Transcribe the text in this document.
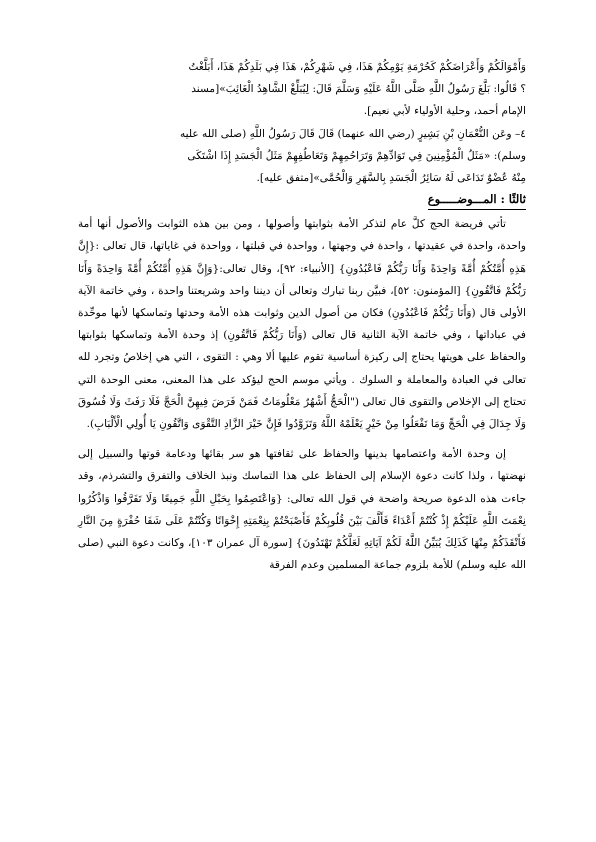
وَأَمْوَالَكُمْ وَأَعْرَاضَكُمْ كَحُرْمَةِ يَوْمِكُمْ هَذَا، فِي شَهْرِكُمْ، هَذَا فِي بَلَدِكُمْ هَذَا، أَبَلَّغْتُ

؟ قَالُوا: بَلَّغَ رَسُولُ اللَّهِ صَلَّى اللَّهُ عَلَيْهِ وَسَلَّمَ قَالَ: لِيُبَلِّغْ الشَّاهِدُ الْغَائِبَ»[مسند

الإمام أحمد، وحلية الأولياء لأبي نعيم].

٤– وعَن النُّعْمَانِ بْنِ بَشِيرٍ (رضي الله عنهما) قَالَ قَالَ رَسُولُ اللَّهِ (صلى الله عليه

وسلم): «مَثَلُ الْمُؤْمِنِينَ فِي تَوَادِّهِمْ وَتَرَاحُمِهِمْ وَتَعَاطُفِهِمْ مَثَلُ الْجَسَدِ إِذَا اشْتَكَى

مِنْهُ عُضْوٌ تَدَاعَى لَهُ سَائِرُ الْجَسَدِ بِالسَّهَرِ وَالْحُمَّى»[متفق عليه].

ثالثًا : المـــوضـــــوع

تأتي فريضة الحج كلَّ عام لتذكر الأمة بثوابتها وأصولها ، ومن بين هذه الثوابت والأصول أنها أمة واحدة، واحدة في عقيدتها ، واحدة في وجهتها ، وواحدة في قبلتها ، وواحدة في غاياتها، قال تعالى :{إِنَّ هَذِهِ أُمَّتُكُمْ أُمَّةً وَاحِدَةً وَأَنَا رَبُّكُمْ فَاعْبُدُونِ} [الأنبياء: ٩٢]، وقال تعالى:{وَإِنَّ هَذِهِ أُمَّتُكُمْ أُمَّةً وَاحِدَةً وَأَنَا رَبُّكُمْ فَاتَّقُونِ} [المؤمنون: ٥٢]، فبيَّن ربنا تبارك وتعالى أن ديننا واحد وشريعتنا واحدة ، وفي خاتمة الآية الأولى قال (وَأَنَا رَبُّكُمْ فَاعْبُدُونِ) فكان من أصول الدين وثوابت هذه الأمة وحدتها وتماسكها لأنها موحِّدة في عباداتها ، وفي خاتمة الآية الثانية قال تعالى (وَأَنَا رَبُّكُمْ فَاتَّقُونِ) إذ وحدة الأمة وتماسكها بثوابتها والحفاظ على هويتها يحتاج إلى ركيزة أساسية تقوم عليها ألا وهي : التقوى ، التي هي إخلاصُ وتجرد لله تعالى في العبادة والمعاملة و السلوك . ويأتي موسم الحج ليؤكد على هذا المعنى، معنى الوحدة التي تحتاج إلى الإخلاص والتقوى قال تعالى ("الْحَجُّ أَشْهُرٌ مَعْلُومَاتٌ فَمَنْ فَرَضَ فِيهِنَّ الْحَجَّ فَلَا رَفَثَ وَلَا فُسُوقَ وَلَا جِدَالَ فِي الْحَجِّ وَمَا تَفْعَلُوا مِنْ خَيْرٍ يَعْلَمْهُ اللَّهُ وَتَزَوَّدُوا فَإِنَّ خَيْرَ الزَّادِ التَّقْوَى وَاتَّقُونِ يَا أُولِي الْأَلْبَابِ).

إن وحدة الأمة واعتصامها بدينها والحفاظ على ثقافتها هو سر بقائها ودعامة قوتها والسبيل إلى نهضتها ، ولذا كانت دعوة الإسلام إلى الحفاظ على هذا التماسك ونبذ الخلاف والتفرق والتشرذم، وقد جاءت هذه الدعوة صريحة واضحة في قول الله تعالى: {وَاعْتَصِمُوا بِحَبْلِ اللَّهِ جَمِيعًا وَلَا تَفَرَّقُوا وَاذْكُرُوا نِعْمَتَ اللَّهِ عَلَيْكُمْ إِذْ كُنْتُمْ أَعْدَاءً فَأَلَّفَ بَيْنَ قُلُوبِكُمْ فَأَصْبَحْتُمْ بِنِعْمَتِهِ إِخْوَانًا وَكُنْتُمْ عَلَى شَفَا حُفْرَةٍ مِنَ النَّارِ فَأَنْقَذَكُمْ مِنْهَا كَذَلِكَ يُبَيِّنُ اللَّهُ لَكُمْ آيَاتِهِ لَعَلَّكُمْ تَهْتَدُونَ} [سورة آل عمران ١٠٣]، وكانت دعوة النبي (صلى الله عليه وسلم) للأمة بلزوم جماعة المسلمين وعدم الفرقة
